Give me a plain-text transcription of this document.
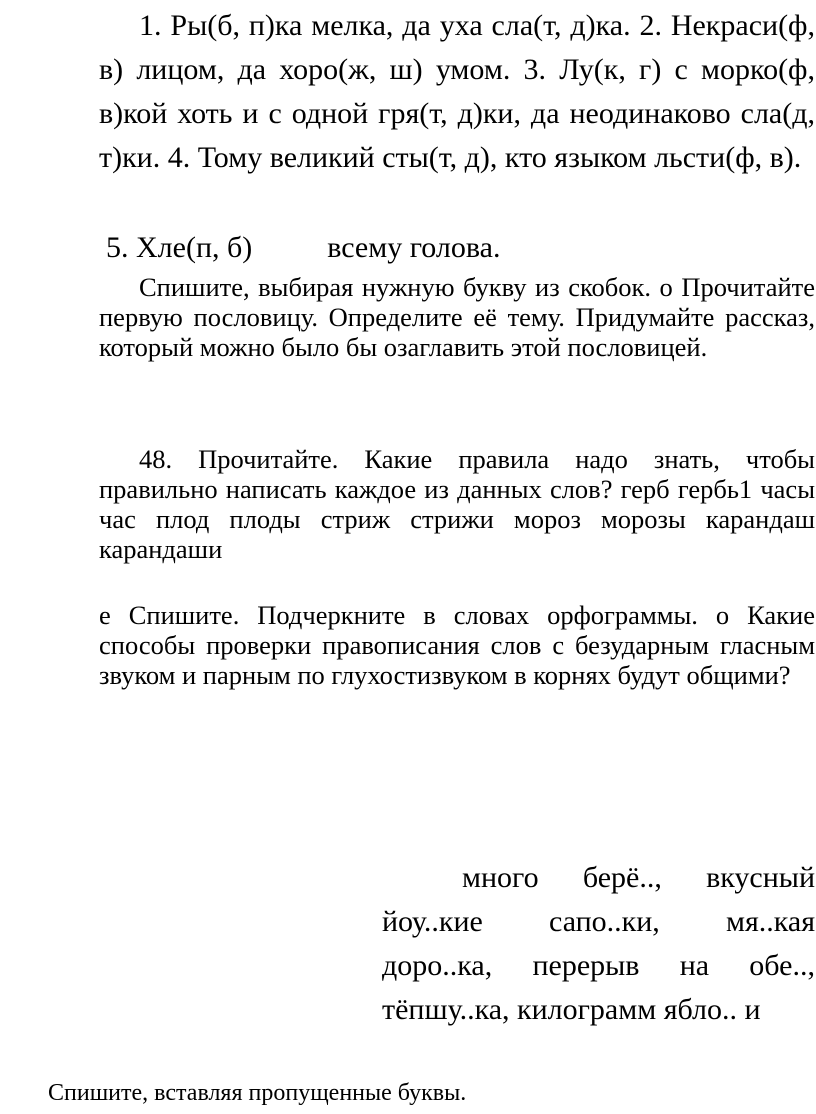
1. Ры(б, п)ка мелка, да уха сла(т, д)ка. 2. Некраси(ф, в) лицом, да хоро(ж, ш) умом. 3. Лу(к, г) с морко(ф, в)кой хоть и с одной гря(т, д)ки, да неодинаково сла(д, т)ки. 4. Тому великий сты(т, д), кто языком льсти(ф, в).

5. Хле(п, б)          всему голова.

Спишите, выбирая нужную букву из скобок. о Прочитайте первую пословицу. Определите её тему. Придумайте рассказ, который можно было бы озаглавить этой пословицей.

48. Прочитайте. Какие правила надо знать, чтобы правильно написать каждое из данных слов? герб гербь1 часы час плод плоды стриж стрижи мороз морозы карандаш карандаши

е Спишите. Подчеркните в словах орфограммы. о Какие способы проверки правописания слов с безударным гласным звуком и парным по глухостизвуком в корнях будут общими?

много берё.., вкусный йоу..кие сапо..ки, мя..кая доро..ка, перерыв на обе.., тёпшу..ка, килограмм ябло.. и

Спишите, вставляя пропущенные буквы.
